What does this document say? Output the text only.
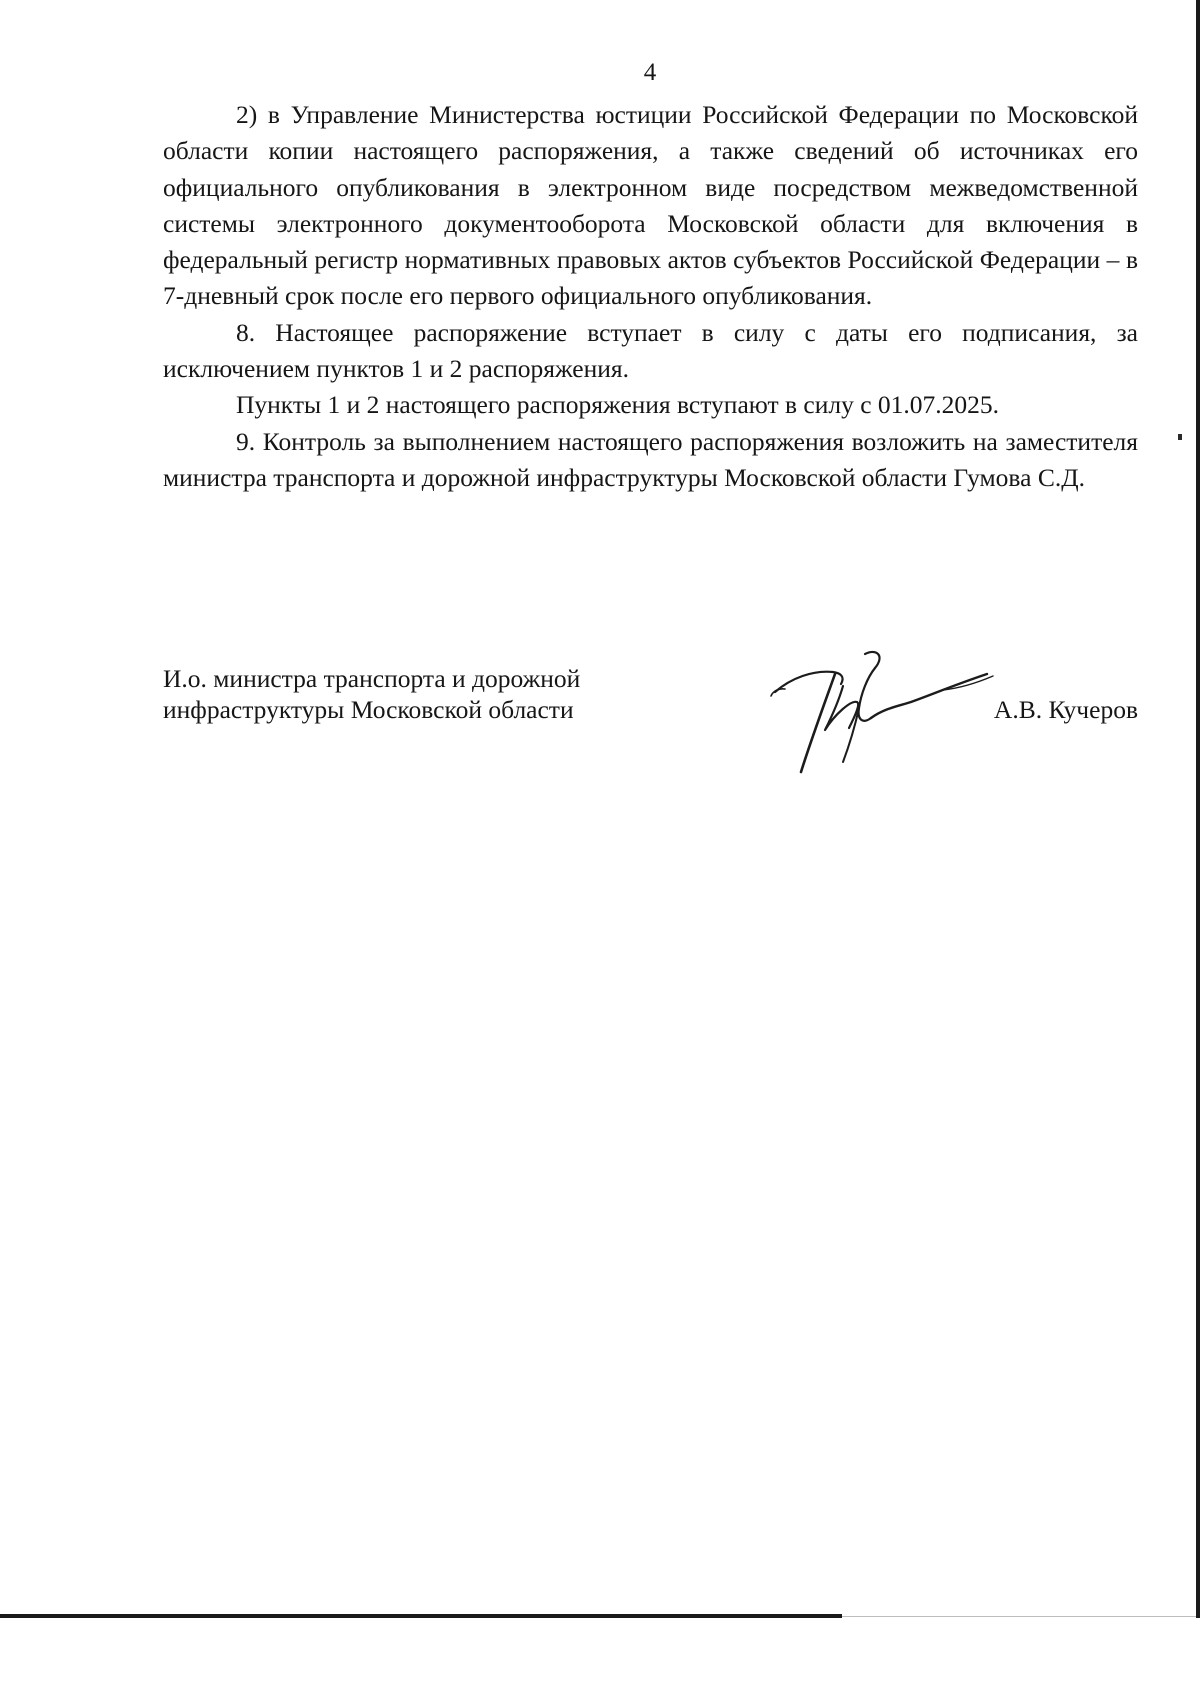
4

2) в Управление Министерства юстиции Российской Федерации по Московской области копии настоящего распоряжения, а также сведений об источниках его официального опубликования в электронном виде посредством межведомственной системы электронного документооборота Московской области для включения в федеральный регистр нормативных правовых актов субъектов Российской Федерации – в 7-дневный срок после его первого официального опубликования.

8. Настоящее распоряжение вступает в силу с даты его подписания, за исключением пунктов 1 и 2 распоряжения.

Пункты 1 и 2 настоящего распоряжения вступают в силу с 01.07.2025.

9. Контроль за выполнением настоящего распоряжения возложить на заместителя министра транспорта и дорожной инфраструктуры Московской области Гумова С.Д.

И.о. министра транспорта и дорожной
инфраструктуры Московской области	А.В. Кучеров
